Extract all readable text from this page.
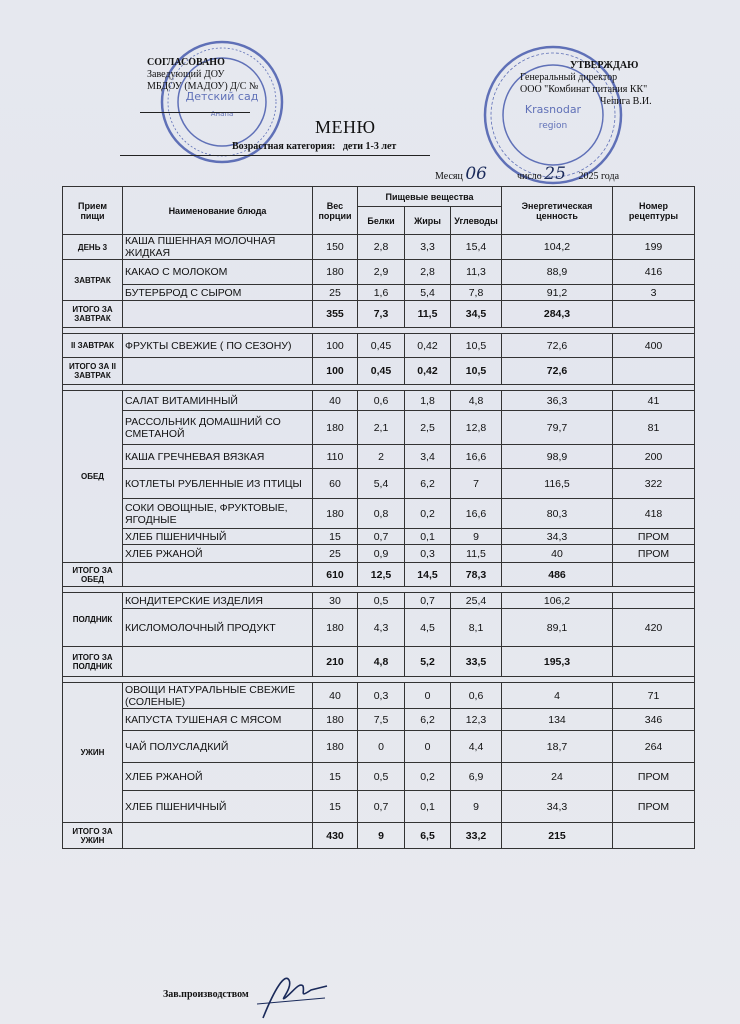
Детский сад
Анапа	Krasnodar
region
СОГЛАСОВАНО
Заведующий ДОУ
МБДОУ (МАДОУ) Д/С №
УТВЕРЖДАЮ
Генеральный директор
ООО "Комбинат питания КК"
Чепига В.И.
МЕНЮ
Возрастная категория: дети 1-3 лет
Месяц 06	число 25 2025 года
Прием пищи	Наименование блюда	Вес порции	Пищевые вещества			Энергетическая ценность	Номер рецептуры
			Белки	Жиры	Углеводы		
ДЕНЬ 3	КАША ПШЕННАЯ МОЛОЧНАЯ ЖИДКАЯ	150	2,8	3,3	15,4	104,2	199
ЗАВТРАК	КАКАО С МОЛОКОМ	180	2,9	2,8	11,3	88,9	416
	БУТЕРБРОД С СЫРОМ	25	1,6	5,4	7,8	91,2	3
ИТОГО ЗА ЗАВТРАК		355	7,3	11,5	34,5	284,3	

II ЗАВТРАК	ФРУКТЫ СВЕЖИЕ ( ПО СЕЗОНУ)	100	0,45	0,42	10,5	72,6	400
ИТОГО ЗА II ЗАВТРАК		100	0,45	0,42	10,5	72,6	

ОБЕД	САЛАТ ВИТАМИННЫЙ	40	0,6	1,8	4,8	36,3	41
	РАССОЛЬНИК ДОМАШНИЙ СО СМЕТАНОЙ	180	2,1	2,5	12,8	79,7	81
	КАША ГРЕЧНЕВАЯ ВЯЗКАЯ	110	2	3,4	16,6	98,9	200
	КОТЛЕТЫ РУБЛЕННЫЕ ИЗ ПТИЦЫ	60	5,4	6,2	7	116,5	322
	СОКИ ОВОЩНЫЕ, ФРУКТОВЫЕ, ЯГОДНЫЕ	180	0,8	0,2	16,6	80,3	418
	ХЛЕБ ПШЕНИЧНЫЙ	15	0,7	0,1	9	34,3	ПРОМ
	ХЛЕБ РЖАНОЙ	25	0,9	0,3	11,5	40	ПРОМ
ИТОГО ЗА ОБЕД		610	12,5	14,5	78,3	486	

ПОЛДНИК	КОНДИТЕРСКИЕ ИЗДЕЛИЯ	30	0,5	0,7	25,4	106,2	
	КИСЛОМОЛОЧНЫЙ ПРОДУКТ	180	4,3	4,5	8,1	89,1	420
ИТОГО ЗА ПОЛДНИК		210	4,8	5,2	33,5	195,3	

УЖИН	ОВОЩИ НАТУРАЛЬНЫЕ СВЕЖИЕ (СОЛЕНЫЕ)	40	0,3	0	0,6	4	71
	КАПУСТА ТУШЕНАЯ С МЯСОМ	180	7,5	6,2	12,3	134	346
	ЧАЙ ПОЛУСЛАДКИЙ	180	0	0	4,4	18,7	264
	ХЛЕБ РЖАНОЙ	15	0,5	0,2	6,9	24	ПРОМ
	ХЛЕБ ПШЕНИЧНЫЙ	15	0,7	0,1	9	34,3	ПРОМ
ИТОГО ЗА УЖИН		430	9	6,5	33,2	215	
Зав.производством
